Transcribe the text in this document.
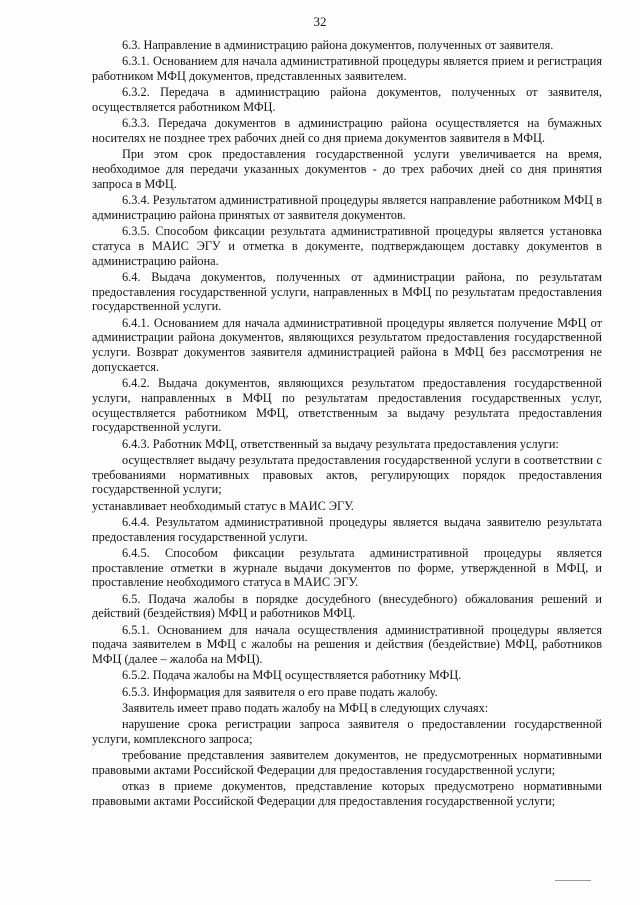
32

6.3. Направление в администрацию района документов, полученных от заявителя.

6.3.1. Основанием для начала административной процедуры является прием и регистрация работником МФЦ документов, представленных заявителем.

6.3.2. Передача в администрацию района документов, полученных от заявителя, осуществляется работником МФЦ.

6.3.3. Передача документов в администрацию района осуществляется на бумажных носителях не позднее трех рабочих дней со дня приема документов заявителя в МФЦ.

При этом срок предоставления государственной услуги увеличивается на время, необходимое для передачи указанных документов - до трех рабочих дней со дня принятия запроса в МФЦ.

6.3.4. Результатом административной процедуры является направление работником МФЦ в администрацию района принятых от заявителя документов.

6.3.5. Способом фиксации результата административной процедуры является установка статуса в МАИС ЭГУ и отметка в документе, подтверждающем доставку документов в администрацию района.

6.4. Выдача документов, полученных от администрации района, по результатам предоставления государственной услуги, направленных в МФЦ по результатам предоставления государственной услуги.

6.4.1. Основанием для начала административной процедуры является получение МФЦ от администрации района документов, являющихся результатом предоставления государственной услуги. Возврат документов заявителя администрацией района в МФЦ без рассмотрения не допускается.

6.4.2. Выдача документов, являющихся результатом предоставления государственной услуги, направленных в МФЦ по результатам предоставления государственных услуг, осуществляется работником МФЦ, ответственным за выдачу результата предоставления государственной услуги.

6.4.3. Работник МФЦ, ответственный за выдачу результата предоставления услуги:

осуществляет выдачу результата предоставления государственной услуги в соответствии с требованиями нормативных правовых актов, регулирующих порядок предоставления государственной услуги;

устанавливает необходимый статус в МАИС ЭГУ.

6.4.4. Результатом административной процедуры является выдача заявителю результата предоставления государственной услуги.

6.4.5. Способом фиксации результата административной процедуры является проставление отметки в журнале выдачи документов по форме, утвержденной в МФЦ, и проставление необходимого статуса в МАИС ЭГУ.

6.5. Подача жалобы в порядке досудебного (внесудебного) обжалования решений и действий (бездействия) МФЦ и работников МФЦ.

6.5.1. Основанием для начала осуществления административной процедуры является подача заявителем в МФЦ с жалобы на решения и действия (бездействие) МФЦ, работников МФЦ (далее – жалоба на МФЦ).

6.5.2. Подача жалобы на МФЦ осуществляется работнику МФЦ.

6.5.3. Информация для заявителя о его праве подать жалобу.

Заявитель имеет право подать жалобу на МФЦ в следующих случаях:

нарушение срока регистрации запроса заявителя о предоставлении государственной услуги, комплексного запроса;

требование представления заявителем документов, не предусмотренных нормативными правовыми актами Российской Федерации для предоставления государственной услуги;

отказ в приеме документов, представление которых предусмотрено нормативными правовыми актами Российской Федерации для предоставления государственной услуги;
